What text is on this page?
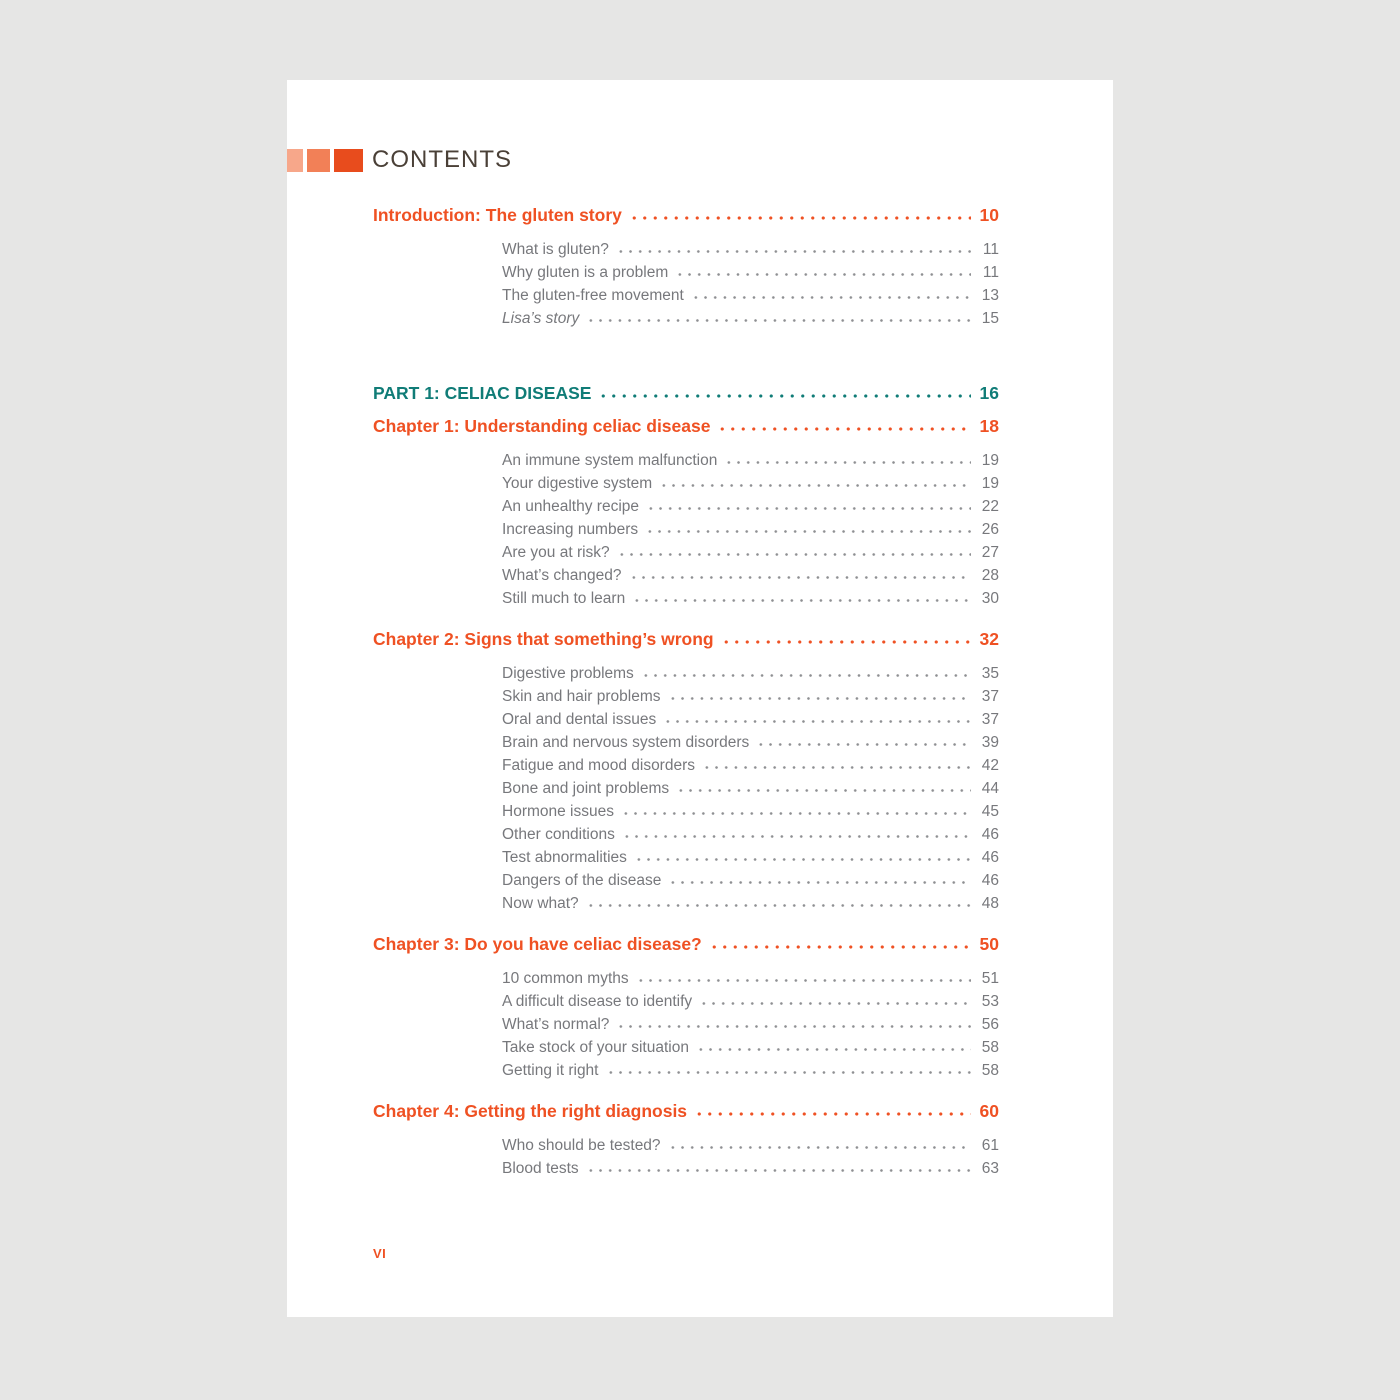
CONTENTS
Introduction: The gluten story	10
What is gluten?	11
Why gluten is a problem	11
The gluten-free movement	13
Lisa’s story	15
PART 1: CELIAC DISEASE	16
Chapter 1: Understanding celiac disease	18
An immune system malfunction	19
Your digestive system	19
An unhealthy recipe	22
Increasing numbers	26
Are you at risk?	27
What’s changed?	28
Still much to learn	30
Chapter 2: Signs that something’s wrong	32
Digestive problems	35
Skin and hair problems	37
Oral and dental issues	37
Brain and nervous system disorders	39
Fatigue and mood disorders	42
Bone and joint problems	44
Hormone issues	45
Other conditions	46
Test abnormalities	46
Dangers of the disease	46
Now what?	48
Chapter 3: Do you have celiac disease?	50
10 common myths	51
A difficult disease to identify	53
What’s normal?	56
Take stock of your situation	58
Getting it right	58
Chapter 4: Getting the right diagnosis	60
Who should be tested?	61
Blood tests	63
VI
